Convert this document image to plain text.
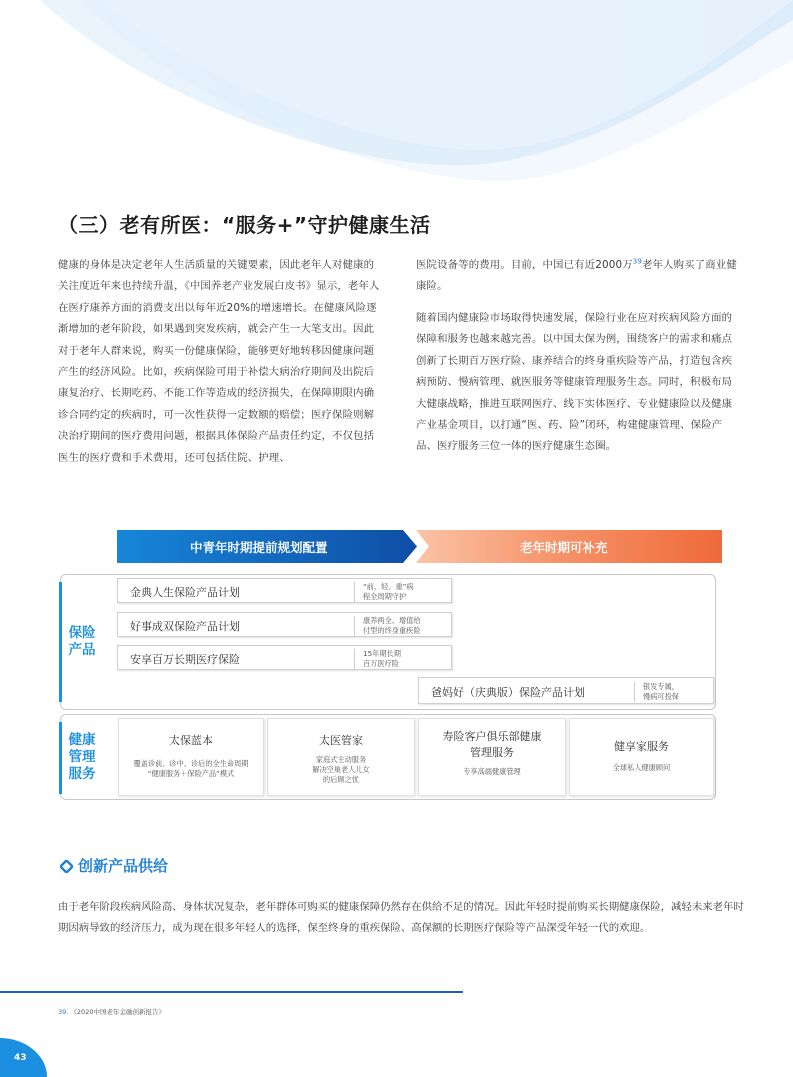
（三）老有所医：“服务+”守护健康生活

健康的身体是决定老年人生活质量的关键要素，因此老年人对健康的关注度近年来也持续升温，《中国养老产业发展白皮书》显示，老年人在医疗康养方面的消费支出以每年近20%的增速增长。在健康风险逐渐增加的老年阶段，如果遇到突发疾病，就会产生一大笔支出。因此对于老年人群来说，购买一份健康保险，能够更好地转移因健康问题产生的经济风险。比如，疾病保险可用于补偿大病治疗期间及出院后康复治疗、长期吃药、不能工作等造成的经济损失，在保障期限内确诊合同约定的疾病时，可一次性获得一定数额的赔偿；医疗保险则解决治疗期间的医疗费用问题，根据具体保险产品责任约定，不仅包括医生的医疗费和手术费用，还可包括住院、护理、

医院设备等的费用。目前，中国已有近2000万$^{39}$老年人购买了商业健康险。

随着国内健康险市场取得快速发展，保险行业在应对疾病风险方面的保障和服务也越来越完善。以中国太保为例，围绕客户的需求和痛点创新了长期百万医疗险、康养结合的终身重疾险等产品，打造包含疾病预防、慢病管理、就医服务等健康管理服务生态。同时，积极布局大健康战略，推进互联网医疗、线下实体医疗、专业健康险以及健康产业基金项目，以打通“医、药、险”闭环，构建健康管理、保险产品、医疗服务三位一体的医疗健康生态圈。

中青年时期提前规划配置	老年时期可补充
保险产品
金典人生保险产品计划	“前、轻、重”病
程全周期守护
好事成双保险产品计划	康养两全、增值给
付型的终身重疾险
安享百万长期医疗保险	15年期长期
百万医疗险
爸妈好（庆典版）保险产品计划	银发专属，
慢病可投保
健康管理服务
太保蓝本
覆盖诊前、诊中、诊后的全生命周期
“健康服务＋保险产品”模式
太医管家
家庭式主动服务
解决空巢老人儿女
的后顾之忧
寿险客户俱乐部健康管理服务
专享高端健康管理
健享家服务
全球私人健康顾问
创新产品供给
由于老年阶段疾病风险高、身体状况复杂，老年群体可购买的健康保障仍然存在供给不足的情况。因此年轻时提前购买长期健康保险，减轻未来老年时期因病导致的经济压力，成为现在很多年轻人的选择，保至终身的重疾保险、高保额的长期医疗保险等产品深受年轻一代的欢迎。
39. 《2020中国老年金融创新报告》
43
